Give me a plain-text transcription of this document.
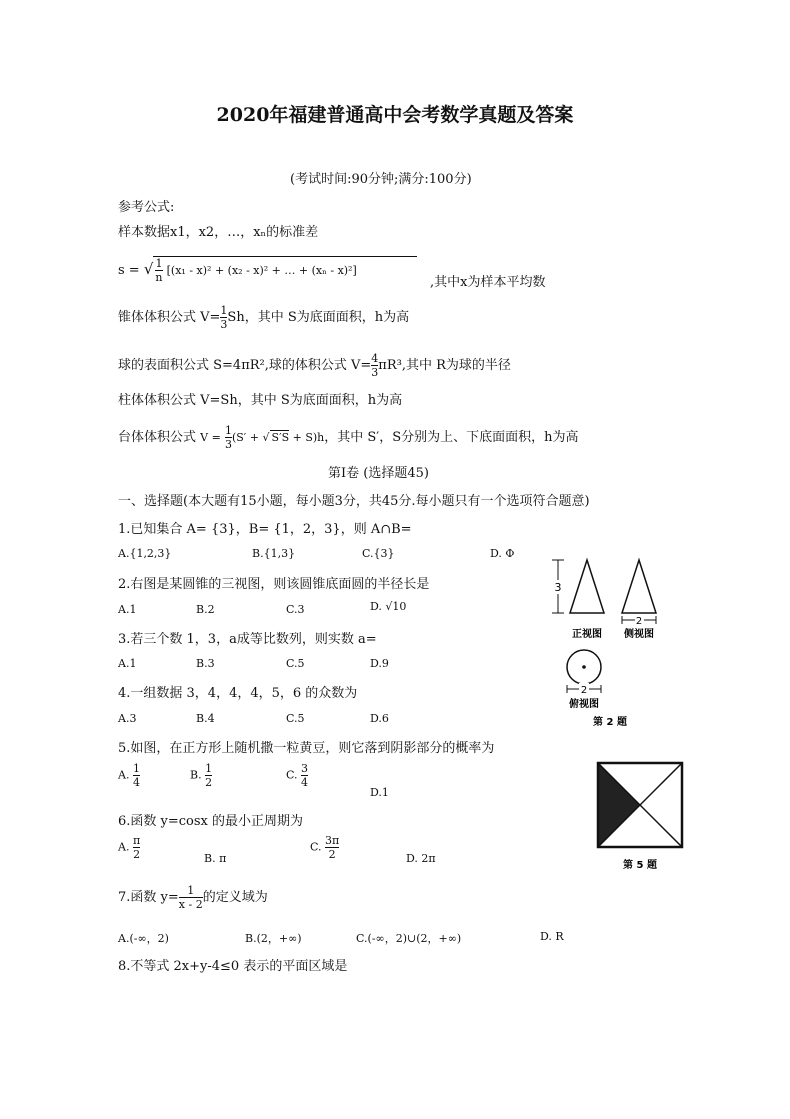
2020年福建普通高中会考数学真题及答案
(考试时间:90分钟;满分:100分)
参考公式:
样本数据x1，x2，…，xₙ的标准差
s = √ $\frac{1}{n} [(x_1 - x)^2 + (x_2 - x)^2$ + … + (xₙ - x)²]
,其中x为样本平均数
锥体体积公式 $V= \frac{1}{3}$ Sh，其中 S为底面面积，h为高
球的表面积公式 S=4πR²,球的体积公式 $V= \frac{4}{3} \pi R^3$,其中 R为球的半径
柱体体积公式 V=Sh，其中 S为底面面积，h为高
台体体积公式 $V = \frac{1}{3} (S'$ + √ S′S + S)h，其中 S′，S分别为上、下底面面积，h为高
第Ⅰ卷 (选择题45)
一、选择题(本大题有15小题，每小题3分，共45分.每小题只有一个选项符合题意)
1.已知集合 A= {3}，B= {1，2，3}，则 A∩B=
A.{1,2,3}	B.{1,3}	C.{3}	D. Φ
2.右图是某圆锥的三视图，则该圆锥底面圆的半径长是
A.1	B.2	C.3	D. √10
3.若三个数 1，3，a成等比数列，则实数 a=
A.1	B.3	C.5	D.9
4.一组数据 3，4，4，4，5，6 的众数为
A.3	B.4	C.5	D.6
5.如图，在正方形上随机撒一粒黄豆，则它落到阴影部分的概率为
A. $\frac{1}{4}$	B. $\frac{1}{2}$	C. $\frac{3}{4}$
D.1
6.函数 y=cosx 的最小正周期为
A. $\frac{\pi}{2}$	B. π
C. $\frac{3\pi}{2}$	D. 2π
7.函数 $y= \frac{1}{x - 2}$ 的定义域为
A.(-∞，2)	B.(2，+∞)	C.(-∞，2)∪(2，+∞)	D. R
8.不等式 2x+y-4≤0 表示的平面区域是
3
2
正视图 侧视图
2
俯视图
第 2 题
第 5 题
